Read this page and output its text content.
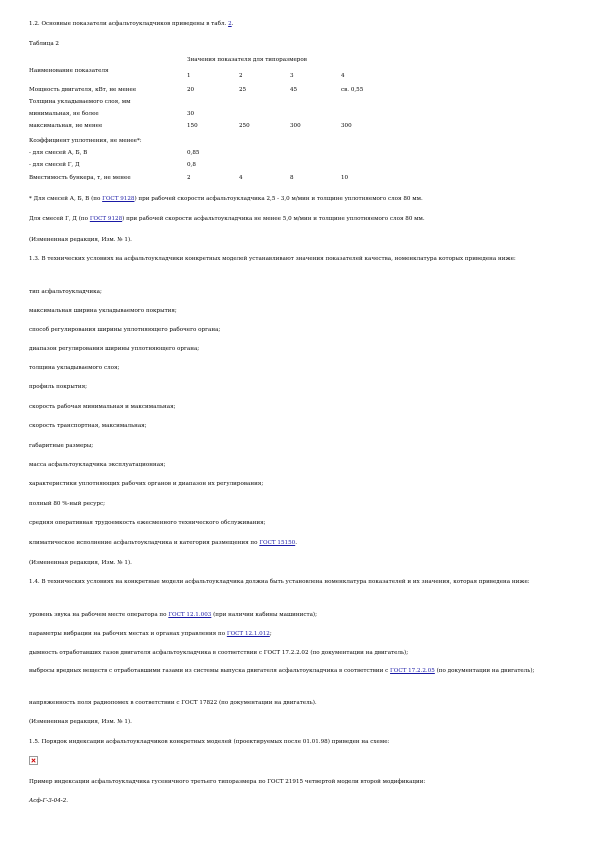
1.2. Основные показатели асфальтоукладчиков приведены в табл. 2.
Таблица 2
Наименование показателя
Значения показателя для типоразмеров
1	2	3	4
Мощность двигателя, кВт, не менее	20	25	45	св. 0,55
Толщина укладываемого слоя, мм
минимальная, не более	30
максимальная, не менее	150	250	300	300
Коэффициент уплотнения, не менее*:
- для смесей А, Б, В	0,85
- для смесей Г, Д	0,8
Вместимость бункера, т, не менее	2	4	8	10
* Для смесей А, Б, В (по ГОСТ 9128) при рабочей скорости асфальтоукладчика 2,5 - 3,0 м/мин и толщине уплотняемого слоя 80 мм.
Для смесей Г, Д (по ГОСТ 9128) при рабочей скорости асфальтоукладчика не менее 5,0 м/мин и толщине уплотняемого слоя 80 мм.
(Измененная редакция, Изм. № 1).
1.3. В технических условиях на асфальтоукладчики конкретных моделей устанавливают значения показателей качества, номенклатура которых приведена ниже:
тип асфальтоукладчика;
максимальная ширина укладываемого покрытия;
способ регулирования ширины уплотняющего рабочего органа;
диапазон регулирования ширины уплотняющего органа;
толщина укладываемого слоя;
профиль покрытия;
скорость рабочая минимальная и максимальная;
скорость транспортная, максимальная;
габаритные размеры;
масса асфальтоукладчика эксплуатационная;
характеристики уплотняющих рабочих органов и диапазон их регулирования;
полный 80 %-ный ресурс;
средняя оперативная трудоемкость ежесменного технического обслуживания;
климатическое исполнение асфальтоукладчика и категория размещения по ГОСТ 15150.
(Измененная редакция, Изм. № 1).
1.4. В технических условиях на конкретные модели асфальтоукладчика должна быть установлена номенклатура показателей и их значения, которая приведена ниже:
уровень звука на рабочем месте оператора по ГОСТ 12.1.003 (при наличии кабины машиниста);
параметры вибрации на рабочих местах и органах управления по ГОСТ 12.1.012;
дымность отработавших газов двигателя асфальтоукладчика в соответствии с ГОСТ 17.2.2.02 (по документации на двигатель);
выбросы вредных веществ с отработавшими газами из системы выпуска двигателя асфальтоукладчика в соответствии с ГОСТ 17.2.2.05 (по документации на двигатель);
напряженность поля радиопомех в соответствии с ГОСТ 17822 (по документации на двигатель).
(Измененная редакция, Изм. № 1).
1.5. Порядок индексации асфальтоукладчиков конкретных моделей (проектируемых после 01.01.98) приведен на схеме:
Пример индексации асфальтоукладчика гусеничного третьего типоразмера по ГОСТ 21915 четвертой модели второй модификации:
Асф-Г-3-04-2.
